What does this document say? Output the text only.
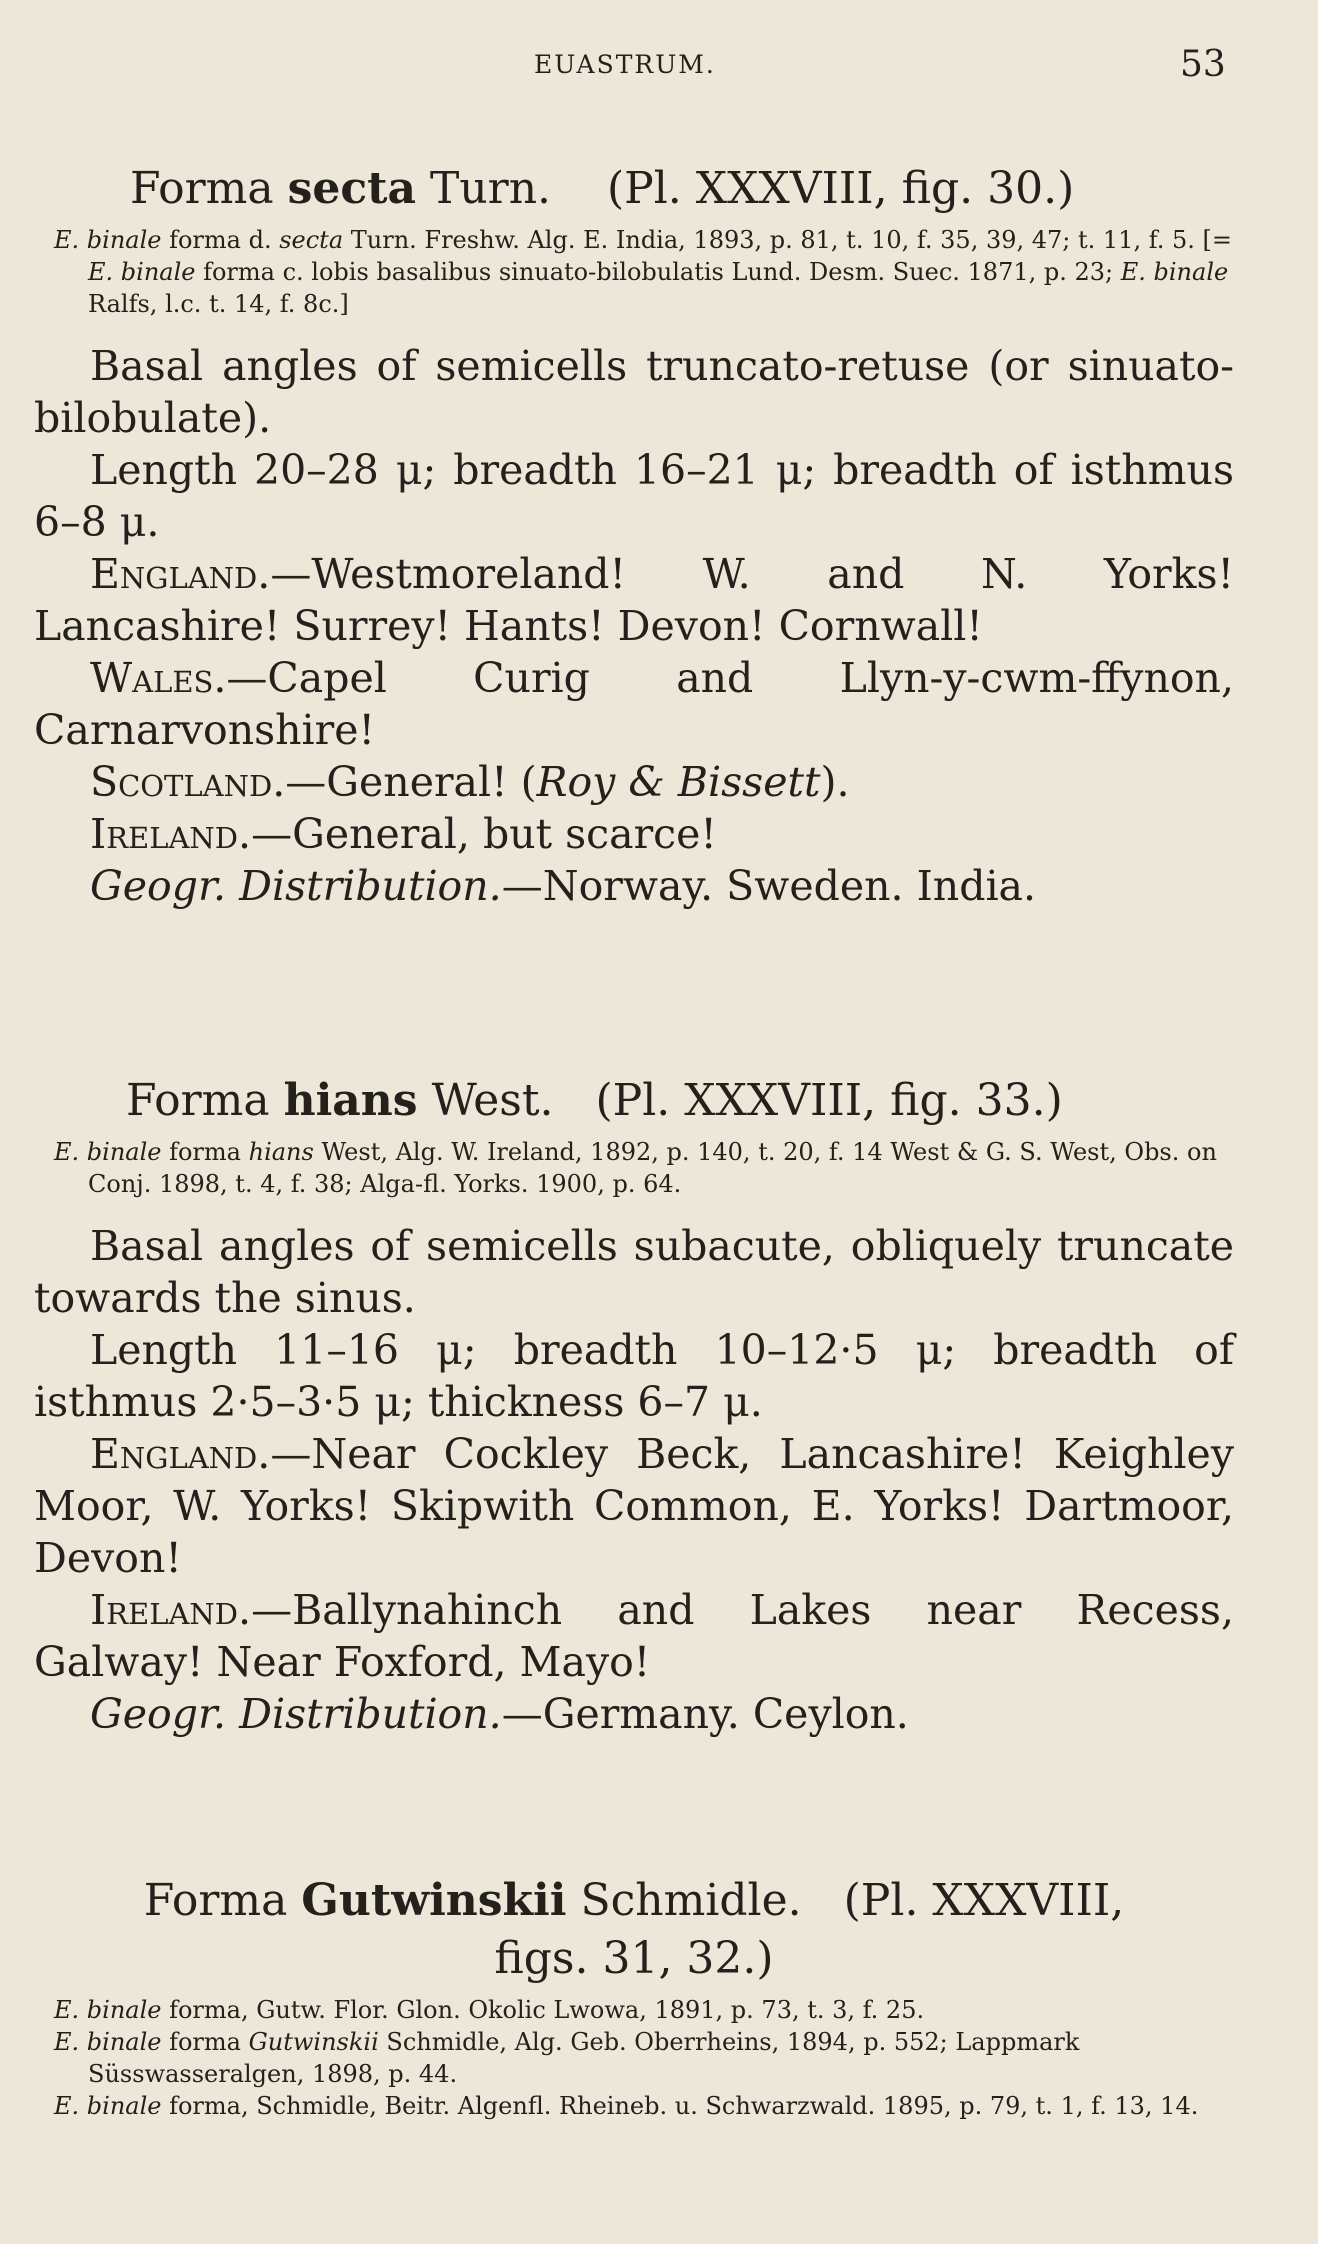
EUASTRUM.	53
Forma secta Turn.    (Pl. XXXVIII, fig. 30.)

E. binale forma d. secta Turn. Freshw. Alg. E. India, 1893, p. 81, t. 10, f. 35, 39, 47; t. 11, f. 5. [= E. binale forma c. lobis basalibus sinuato-bilobulatis Lund. Desm. Suec. 1871, p. 23; E. binale Ralfs, l.c. t. 14, f. 8c.]

Basal angles of semicells truncato-retuse (or sinuato-bilobulate).

Length 20–28 μ; breadth 16–21 μ; breadth of isthmus 6–8 μ.

England.—Westmoreland! W. and N. Yorks! Lancashire! Surrey! Hants! Devon! Cornwall!

Wales.—Capel Curig and Llyn-y-cwm-ffynon, Carnarvonshire!

Scotland.—General! (Roy & Bissett).

Ireland.—General, but scarce!

Geogr. Distribution.—Norway. Sweden. India.

Forma hians West.   (Pl. XXXVIII, fig. 33.)

E. binale forma hians West, Alg. W. Ireland, 1892, p. 140, t. 20, f. 14 West & G. S. West, Obs. on Conj. 1898, t. 4, f. 38; Alga-fl. Yorks. 1900, p. 64.

Basal angles of semicells subacute, obliquely truncate towards the sinus.

Length 11–16 μ; breadth 10–12·5 μ; breadth of isthmus 2·5–3·5 μ; thickness 6–7 μ.

England.—Near Cockley Beck, Lancashire! Keighley Moor, W. Yorks! Skipwith Common, E. Yorks! Dartmoor, Devon!

Ireland.—Ballynahinch and Lakes near Recess, Galway! Near Foxford, Mayo!

Geogr. Distribution.—Germany. Ceylon.

Forma Gutwinskii Schmidle.   (Pl. XXXVIII, figs. 31, 32.)

E. binale forma, Gutw. Flor. Glon. Okolic Lwowa, 1891, p. 73, t. 3, f. 25.

E. binale forma Gutwinskii Schmidle, Alg. Geb. Oberrheins, 1894, p. 552; Lappmark Süsswasseralgen, 1898, p. 44.

E. binale forma, Schmidle, Beitr. Algenfl. Rheineb. u. Schwarzwald. 1895, p. 79, t. 1, f. 13, 14.
